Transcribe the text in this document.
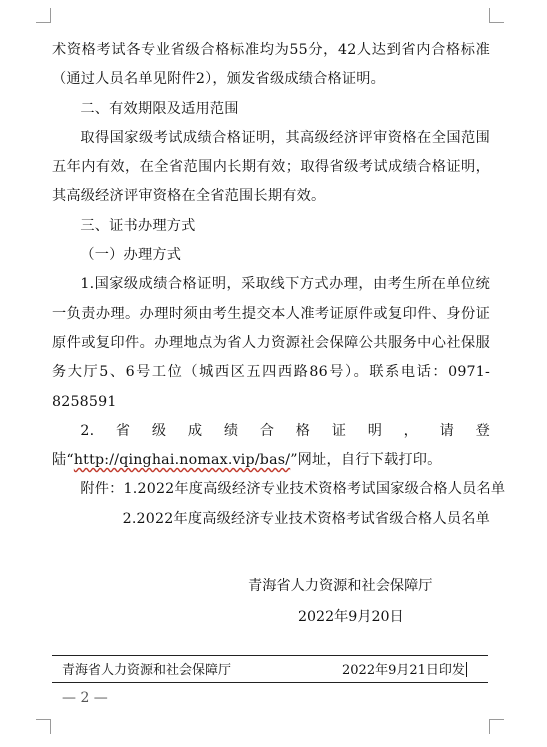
术资格考试各专业省级合格标准均为55分，42人达到省内合格标准（通过人员名单见附件2），颁发省级成绩合格证明。

二、有效期限及适用范围

取得国家级考试成绩合格证明，其高级经济评审资格在全国范围五年内有效，在全省范围内长期有效；取得省级考试成绩合格证明，其高级经济评审资格在全省范围长期有效。

三、证书办理方式

（一）办理方式

1.国家级成绩合格证明，采取线下方式办理，由考生所在单位统一负责办理。办理时须由考生提交本人准考证原件或复印件、身份证原件或复印件。办理地点为省人力资源社会保障公共服务中心社保服务大厅5、6号工位（城西区五四西路86号）。联系电话：0971-8258591

2.省级成绩合格证明，请登陆“http://qinghai.nomax.vip/bas/”网址，自行下载打印。

附件：1.2022年度高级经济专业技术资格考试国家级合格人员名单

2.2022年度高级经济专业技术资格考试省级合格人员名单

青海省人力资源和社会保障厅
2022年9月20日
青海省人力资源和社会保障厅	2022年9月21日印发
— 2 —
